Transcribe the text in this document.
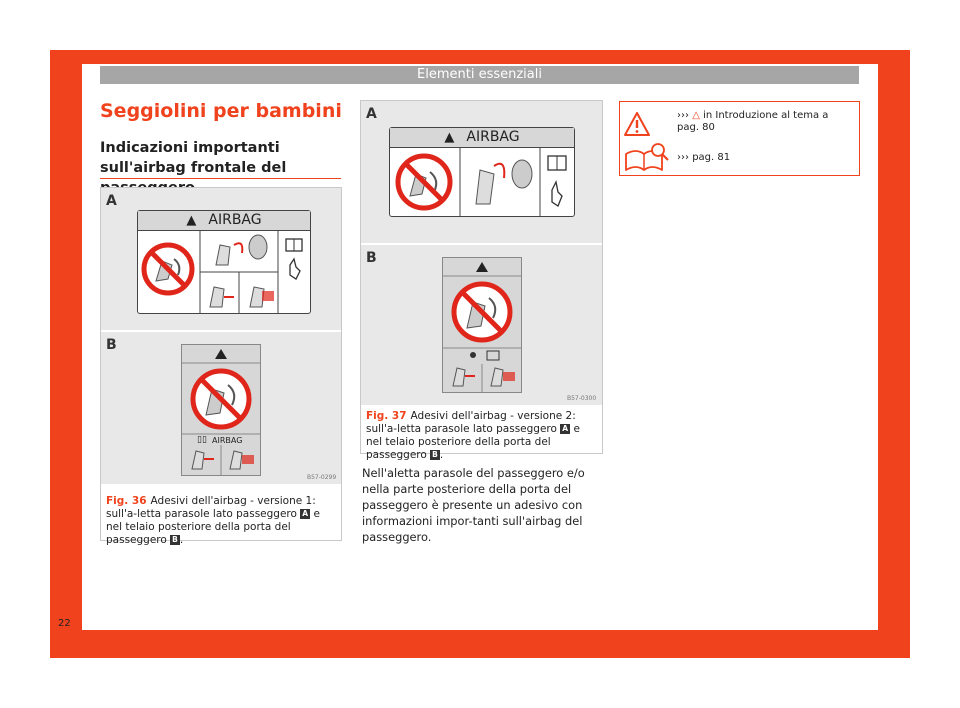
Elementi essenziali
22
Seggiolini per bambini
Indicazioni importanti sull'airbag frontale del
A
▲ AIRBAG
B
AIRBAG
▯▯
B57-0299
Fig. 36 Adesivi dell'airbag - versione 1: sull'a-letta parasole lato passeggero A e nel telaio posteriore della porta del passeggero B .
A
▲ AIRBAG
B
B57-0300
Fig. 37 Adesivi dell'airbag - versione 2: sull'a-letta parasole lato passeggero A e nel telaio posteriore della porta del passeggero B .

Nell'aletta parasole del passeggero e/o nella parte posteriore della porta del passeggero è presente un adesivo con informazioni impor-tanti sull'airbag del passeggero.

››› △ in Introduzione al tema a pag. 80
››› pag. 81
